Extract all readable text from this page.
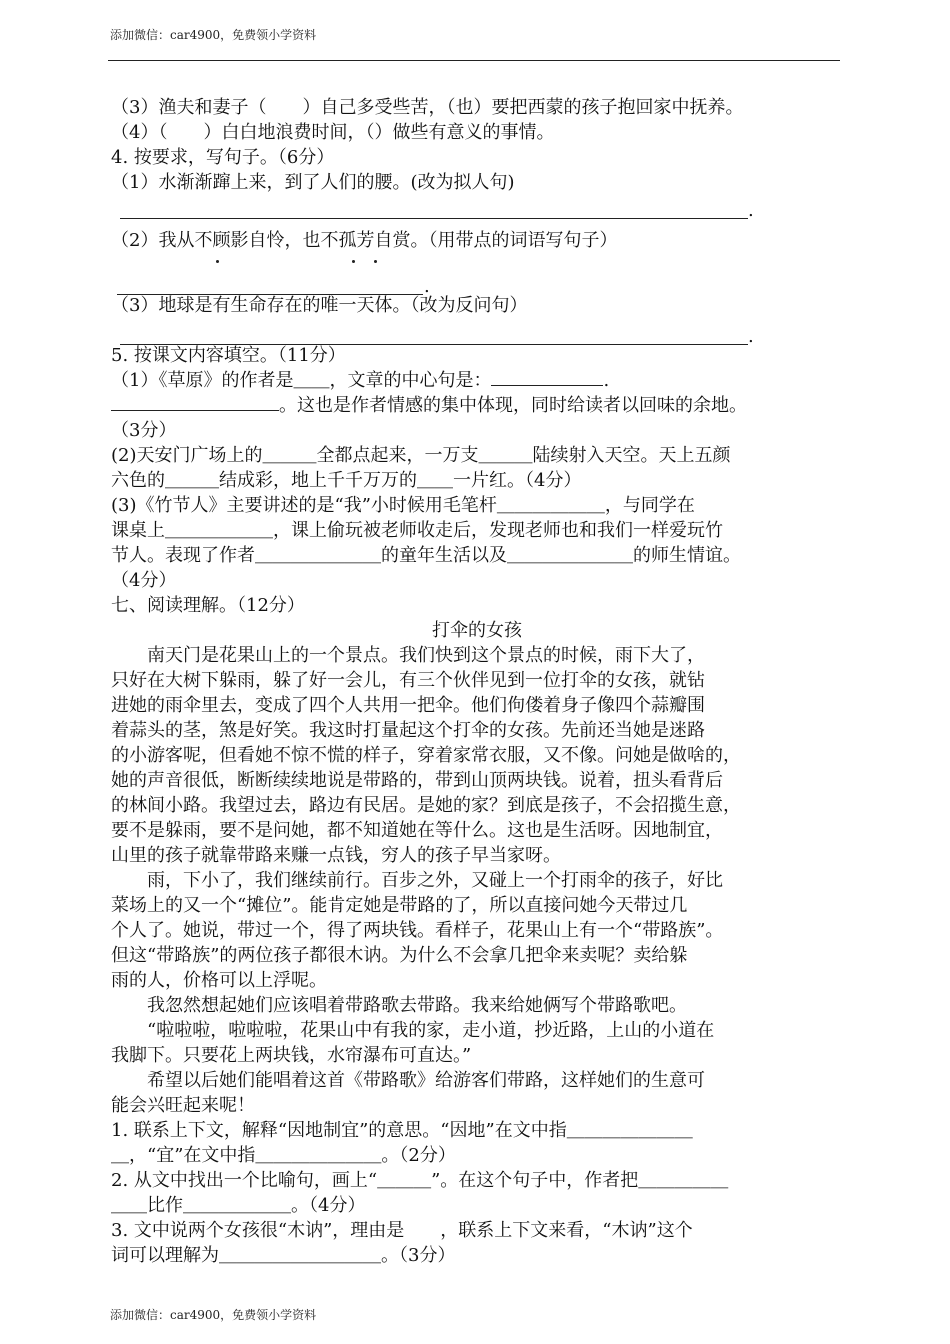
添加微信：car4900，免费领小学资料
（3）渔夫和妻子（　　）自己多受些苦，（也）要把西蒙的孩子抱回家中抚养。
（4）（　　）白白地浪费时间，（）做些有意义的事情。
4. 按要求，写句子。（6分）
（1）水渐渐蹿上来，到了人们的腰。(改为拟人句)
（2）我从不顾影自怜，也不孤芳自赏。（用带点的词语写句子）
（3）地球是有生命存在的唯一天体。（改为反问句）
5. 按课文内容填空。（11分）
（1）《草原》的作者是＿＿，文章的中心句是：	.
。这也是作者情感的集中体现，同时给读者以回味的余地。
（3分）
(2)天安门广场上的＿＿＿全都点起来，一万支＿＿＿陆续射入天空。天上五颜
六色的＿＿＿结成彩，地上千千万万的＿＿一片红。（4分）
(3)《竹节人》主要讲述的是“我”小时候用毛笔杆＿＿＿＿＿＿，与同学在
课桌上＿＿＿＿＿＿，课上偷玩被老师收走后，发现老师也和我们一样爱玩竹
节人。表现了作者＿＿＿＿＿＿＿的童年生活以及＿＿＿＿＿＿＿的师生情谊。
（4分）
七、阅读理解。（12分）
打伞的女孩
南天门是花果山上的一个景点。我们快到这个景点的时候，雨下大了，
只好在大树下躲雨，躲了好一会儿，有三个伙伴见到一位打伞的女孩，就钻
进她的雨伞里去，变成了四个人共用一把伞。他们佝偻着身子像四个蒜瓣围
着蒜头的茎，煞是好笑。我这时打量起这个打伞的女孩。先前还当她是迷路
的小游客呢，但看她不惊不慌的样子，穿着家常衣服，又不像。问她是做啥的，
她的声音很低，断断续续地说是带路的，带到山顶两块钱。说着，扭头看背后
的林间小路。我望过去，路边有民居。是她的家？到底是孩子，不会招揽生意，
要不是躲雨，要不是问她，都不知道她在等什么。这也是生活呀。因地制宜，
山里的孩子就靠带路来赚一点钱，穷人的孩子早当家呀。
雨，下小了，我们继续前行。百步之外，又碰上一个打雨伞的孩子，好比
菜场上的又一个“摊位”。能肯定她是带路的了，所以直接问她今天带过几
个人了。她说，带过一个，得了两块钱。看样子，花果山上有一个“带路族”。
但这“带路族”的两位孩子都很木讷。为什么不会拿几把伞来卖呢？卖给躲
雨的人，价格可以上浮呢。
我忽然想起她们应该唱着带路歌去带路。我来给她俩写个带路歌吧。
“啦啦啦，啦啦啦，花果山中有我的家，走小道，抄近路，上山的小道在
我脚下。只要花上两块钱，水帘瀑布可直达。”
希望以后她们能唱着这首《带路歌》给游客们带路，这样她们的生意可
能会兴旺起来呢！
1. 联系上下文，解释“因地制宜”的意思。“因地”在文中指＿＿＿＿＿＿＿
＿，“宜”在文中指＿＿＿＿＿＿＿。（2分）
2. 从文中找出一个比喻句，画上“＿＿＿”。在这个句子中，作者把＿＿＿＿＿
＿＿比作＿＿＿＿＿＿。（4分）
3. 文中说两个女孩很“木讷”，理由是　　，联系上下文来看，“木讷”这个
词可以理解为＿＿＿＿＿＿＿＿＿。（3分）
.
.
.
添加微信：car4900，免费领小学资料
